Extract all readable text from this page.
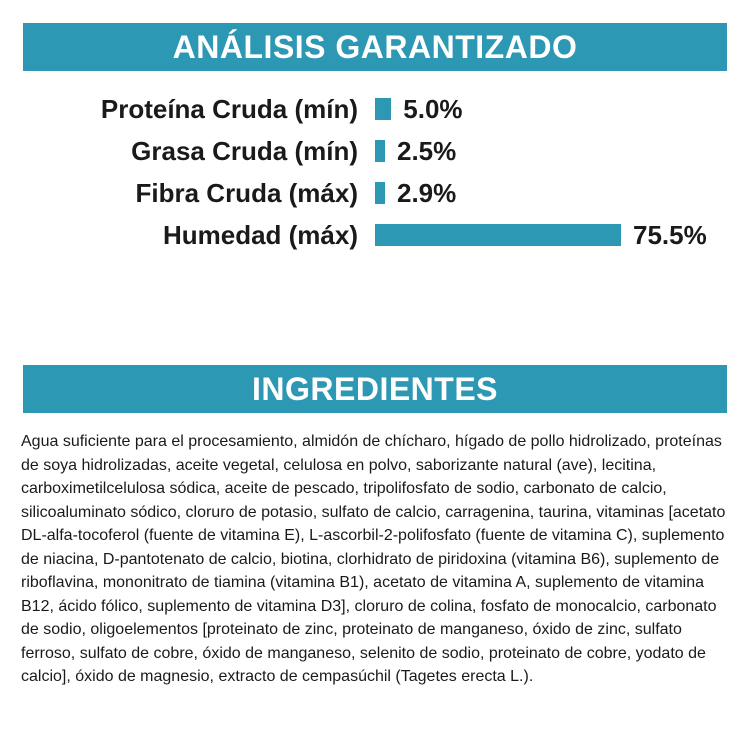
ANÁLISIS GARANTIZADO
Proteína Cruda (mín) 5.0%
Grasa Cruda (mín) 2.5%
Fibra Cruda (máx) 2.9%
Humedad (máx)	75.5%
INGREDIENTES

Agua suficiente para el procesamiento, almidón de chícharo, hígado de pollo hidrolizado, proteínas de soya hidrolizadas, aceite vegetal, celulosa en polvo, saborizante natural (ave), lecitina, carboximetilcelulosa sódica, aceite de pescado, tripolifosfato de sodio, carbonato de calcio, silicoaluminato sódico, cloruro de potasio, sulfato de calcio, carragenina, taurina, vitaminas [acetato DL-alfa-tocoferol (fuente de vitamina E), L-ascorbil-2-polifosfato (fuente de vitamina C), suplemento de niacina, D-pantotenato de calcio, biotina, clorhidrato de piridoxina (vitamina B6), suplemento de riboflavina, mononitrato de tiamina (vitamina B1), acetato de vitamina A, suplemento de vitamina B12, ácido fólico, suplemento de vitamina D3], cloruro de colina, fosfato de monocalcio, carbonato de sodio, oligoelementos [proteinato de zinc, proteinato de manganeso, óxido de zinc, sulfato ferroso, sulfato de cobre, óxido de manganeso, selenito de sodio, proteinato de cobre, yodato de calcio], óxido de magnesio, extracto de cempasúchil (Tagetes erecta L.).
